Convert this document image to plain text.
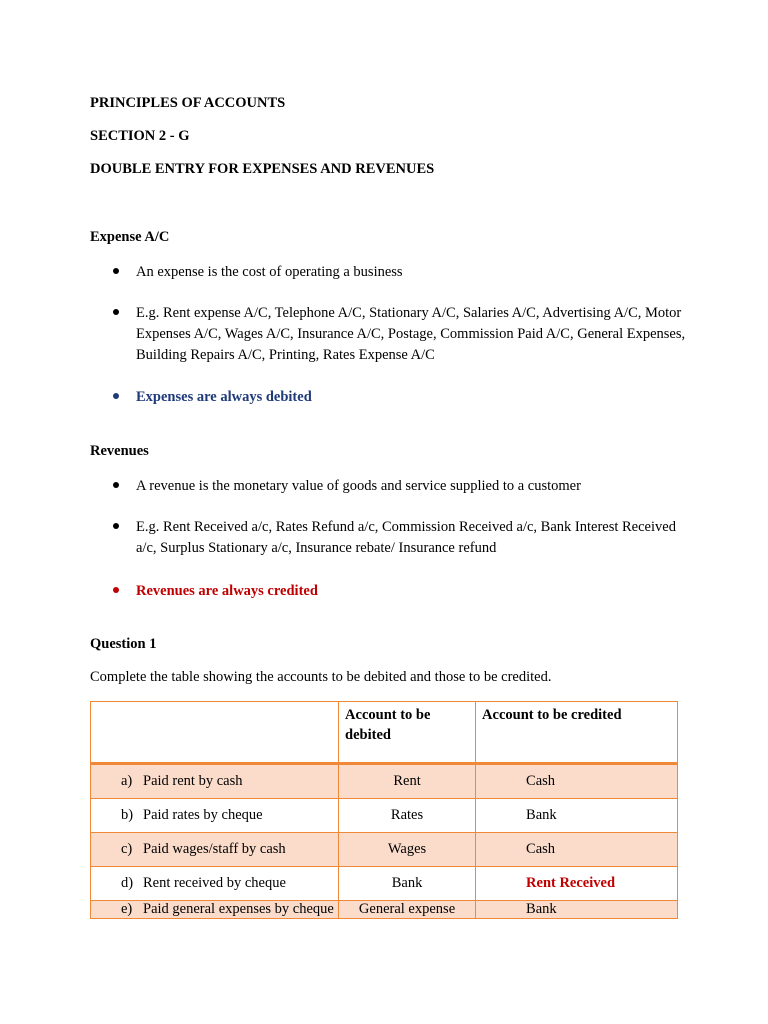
PRINCIPLES OF ACCOUNTS
SECTION 2 - G
DOUBLE ENTRY FOR EXPENSES AND REVENUES
Expense A/C
An expense is the cost of operating a business
E.g. Rent expense A/C, Telephone A/C, Stationary A/C, Salaries A/C, Advertising A/C, Motor Expenses A/C, Wages A/C, Insurance A/C, Postage, Commission Paid A/C, General Expenses, Building Repairs A/C, Printing, Rates Expense A/C
Expenses are always debited
Revenues
A revenue is the monetary value of goods and service supplied to a customer
E.g. Rent Received a/c, Rates Refund a/c, Commission Received a/c, Bank Interest Received a/c, Surplus Stationary a/c, Insurance rebate/ Insurance refund
Revenues are always credited
Question 1
Complete the table showing the accounts to be debited and those to be credited.
	Account to be debited	Account to be credited

a) Paid rent by cash	Rent	Cash

b) Paid rates by cheque	Rates	Bank

c) Paid wages/staff by cash	Wages	Cash

d) Rent received by cheque	Bank	Rent Received

e) Paid general expenses by cheque	General expense	Bank
